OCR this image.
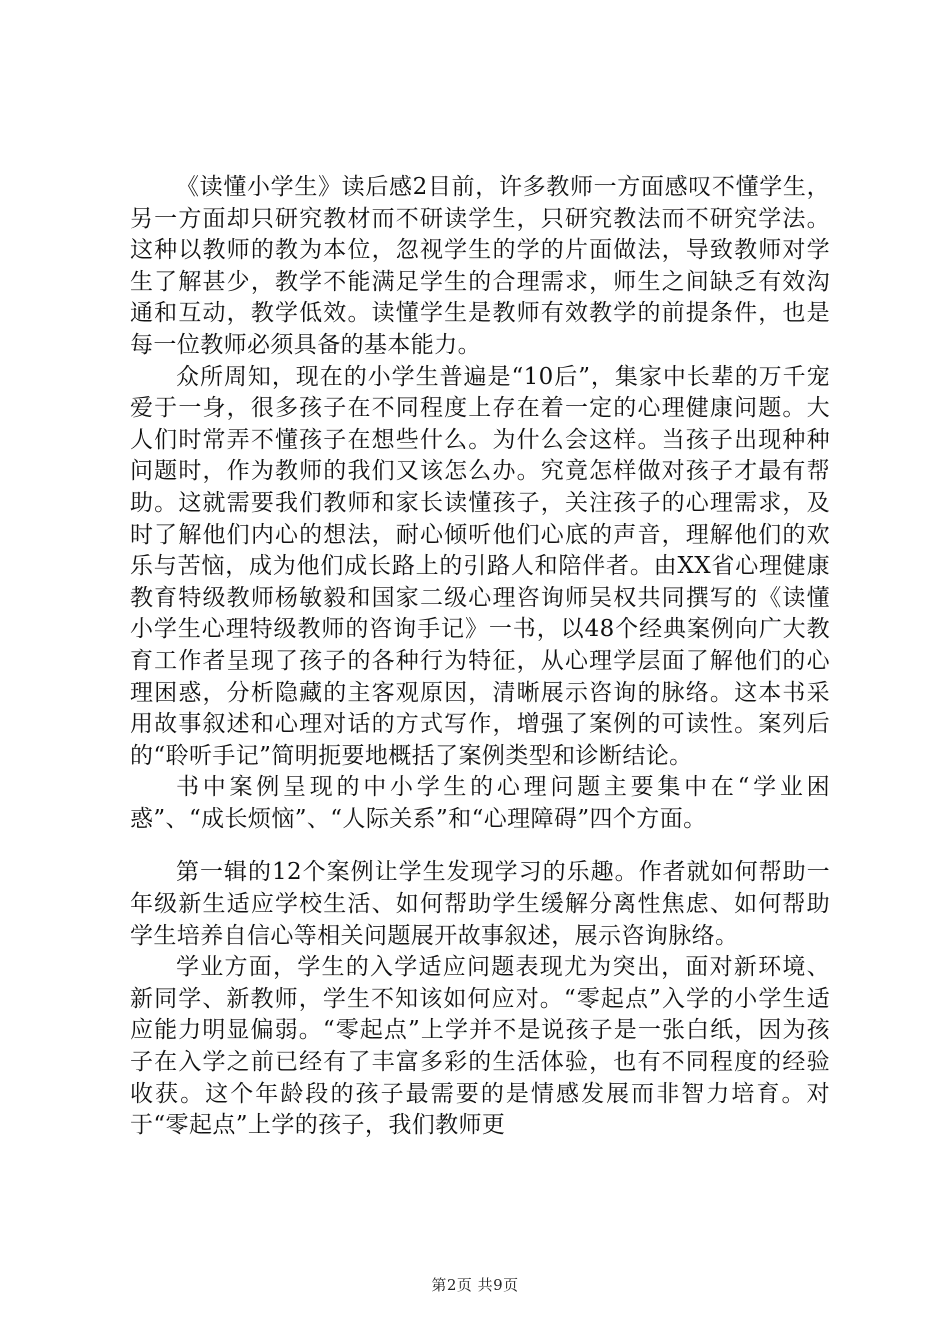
《读懂小学生》读后感2目前，许多教师一方面感叹不懂学生，另一方面却只研究教材而不研读学生，只研究教法而不研究学法。这种以教师的教为本位，忽视学生的学的片面做法，导致教师对学生了解甚少，教学不能满足学生的合理需求，师生之间缺乏有效沟通和互动，教学低效。读懂学生是教师有效教学的前提条件，也是每一位教师必须具备的基本能力。

众所周知，现在的小学生普遍是“10后”，集家中长辈的万千宠爱于一身，很多孩子在不同程度上存在着一定的心理健康问题。大人们时常弄不懂孩子在想些什么。为什么会这样。当孩子出现种种问题时，作为教师的我们又该怎么办。究竟怎样做对孩子才最有帮助。这就需要我们教师和家长读懂孩子，关注孩子的心理需求，及时了解他们内心的想法，耐心倾听他们心底的声音，理解他们的欢乐与苦恼，成为他们成长路上的引路人和陪伴者。由XX省心理健康教育特级教师杨敏毅和国家二级心理咨询师吴权共同撰写的《读懂小学生心理特级教师的咨询手记》一书，以48个经典案例向广大教育工作者呈现了孩子的各种行为特征，从心理学层面了解他们的心理困惑，分析隐藏的主客观原因，清晰展示咨询的脉络。这本书采用故事叙述和心理对话的方式写作，增强了案例的可读性。案列后的“聆听手记”简明扼要地概括了案例类型和诊断结论。

书中案例呈现的中小学生的心理问题主要集中在“学业困惑”、“成长烦恼”、“人际关系”和“心理障碍”四个方面。

第一辑的12个案例让学生发现学习的乐趣。作者就如何帮助一年级新生适应学校生活、如何帮助学生缓解分离性焦虑、如何帮助学生培养自信心等相关问题展开故事叙述，展示咨询脉络。

学业方面，学生的入学适应问题表现尤为突出，面对新环境、新同学、新教师，学生不知该如何应对。“零起点”入学的小学生适应能力明显偏弱。“零起点”上学并不是说孩子是一张白纸，因为孩子在入学之前已经有了丰富多彩的生活体验，也有不同程度的经验收获。这个年龄段的孩子最需要的是情感发展而非智力培育。对于“零起点”上学的孩子，我们教师更

第2页 共9页
